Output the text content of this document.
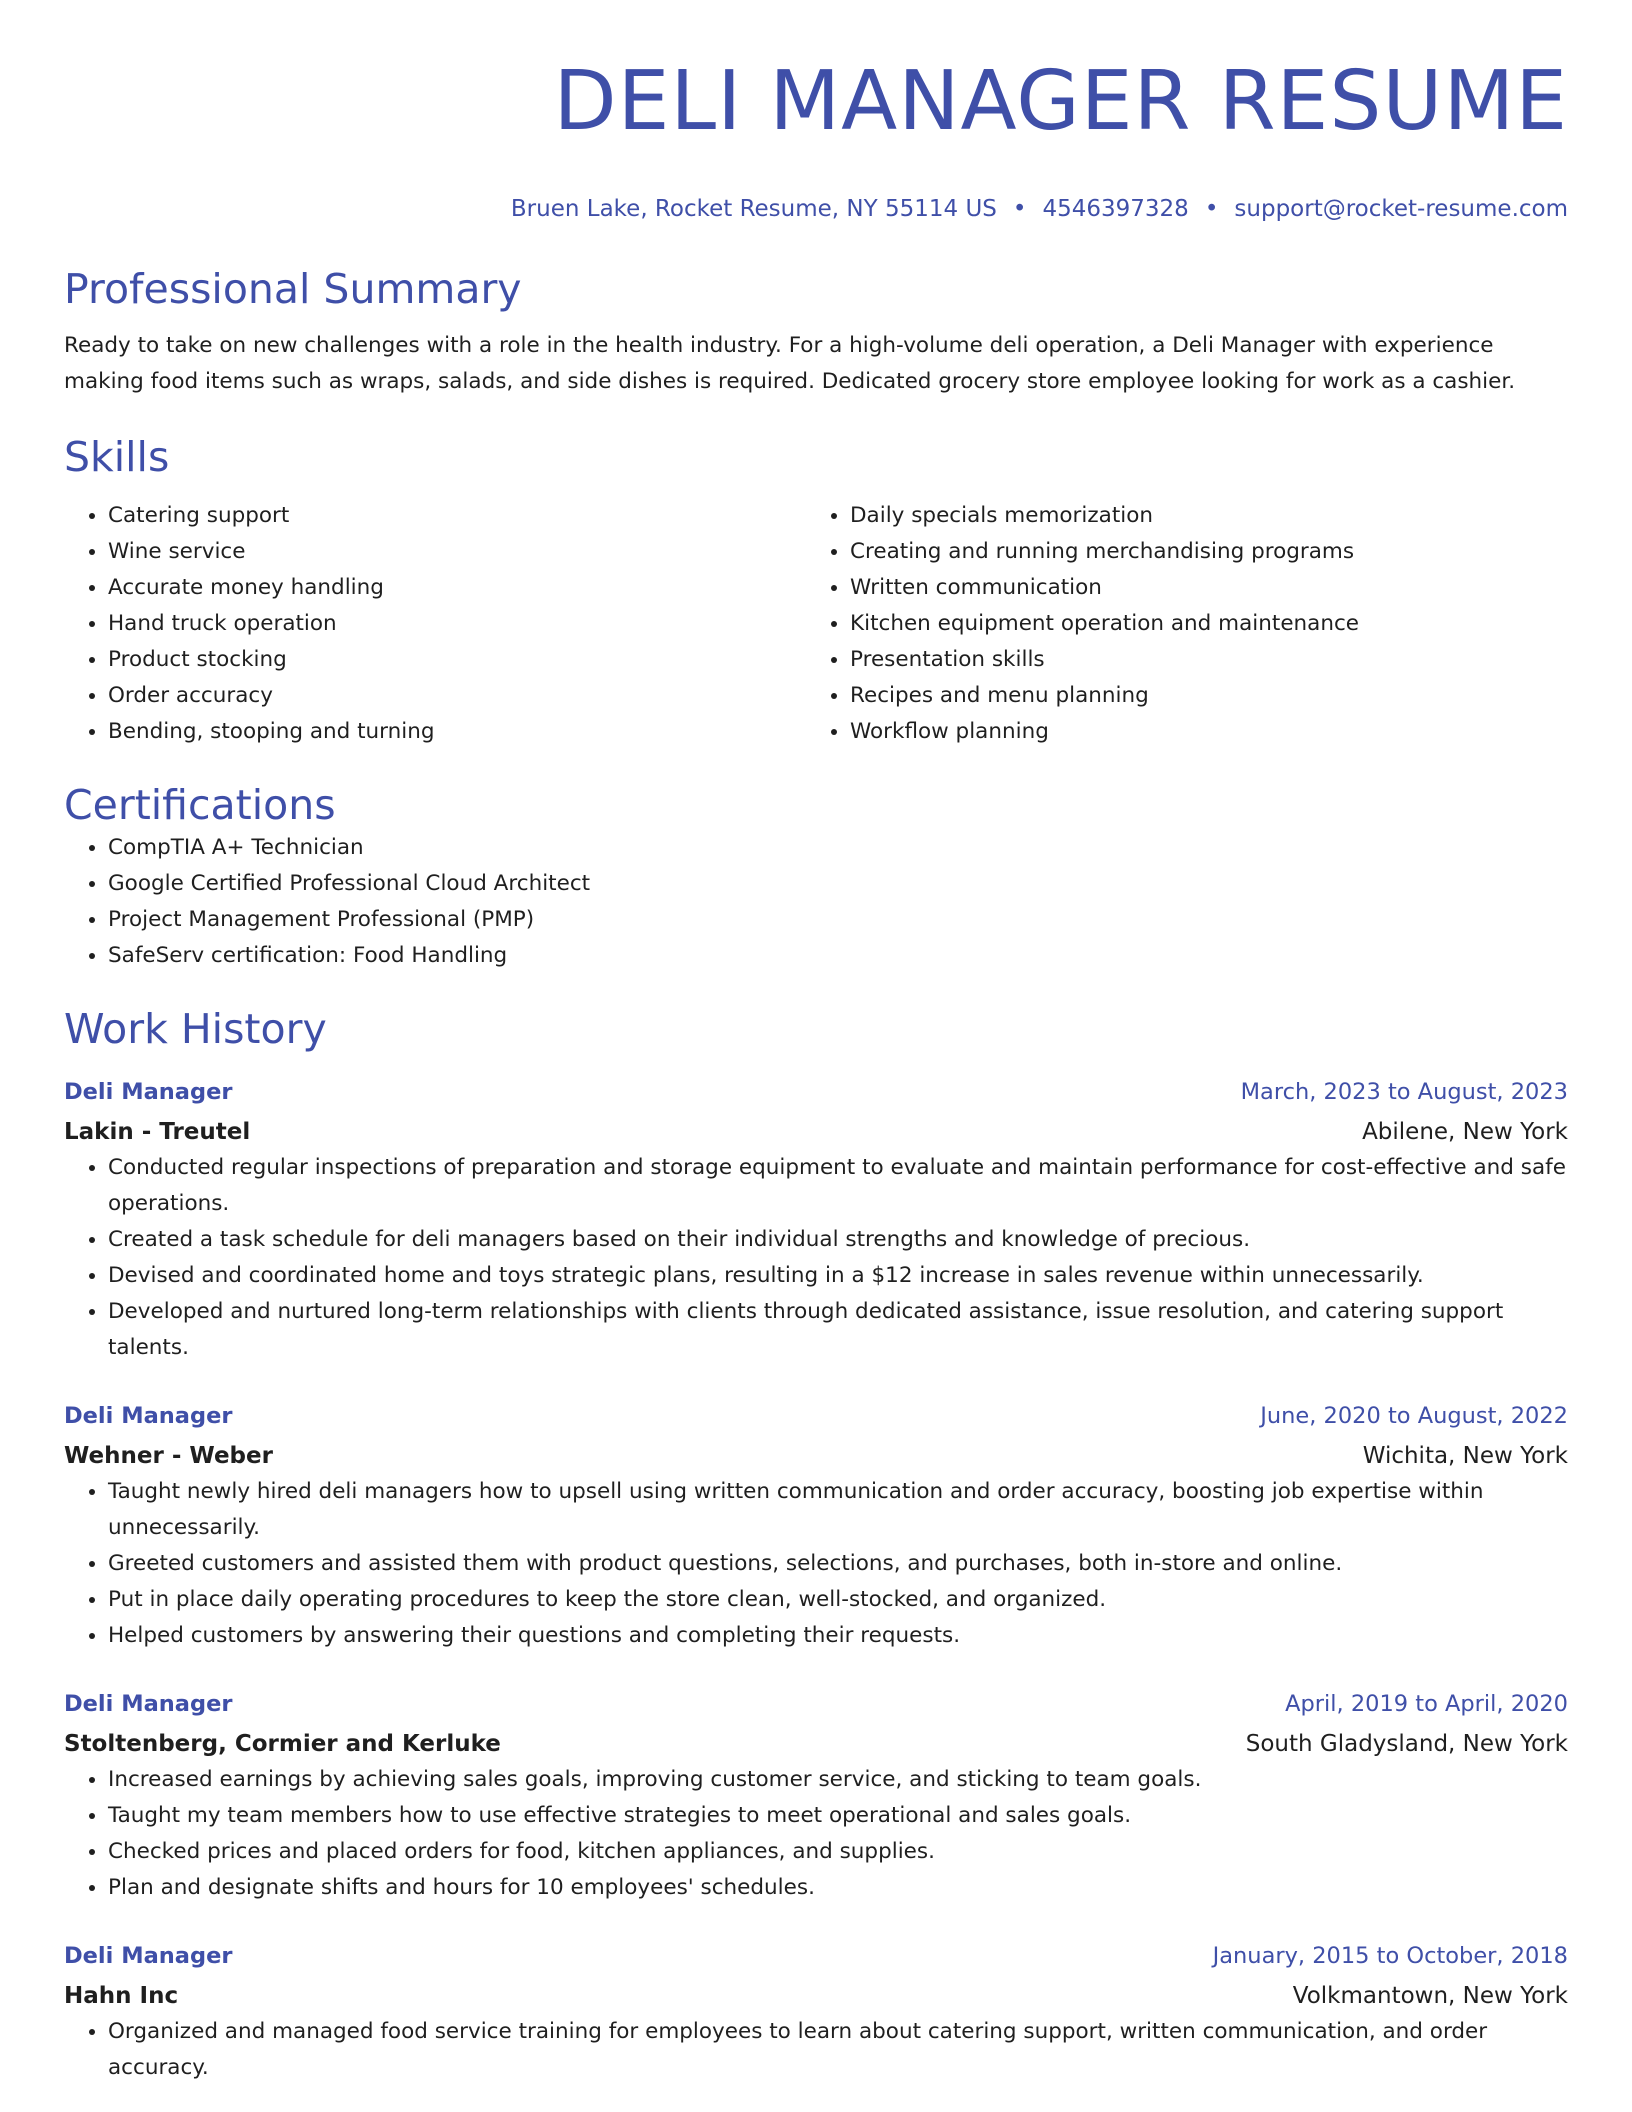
DELI MANAGER RESUME
Bruen Lake, Rocket Resume, NY 55114 US • 4546397328 • support@rocket-resume.com
Professional Summary

Ready to take on new challenges with a role in the health industry. For a high-volume deli operation, a Deli Manager with experience making food items such as wraps, salads, and side dishes is required. Dedicated grocery store employee looking for work as a cashier.

Skills
• Catering support
• Wine service
• Accurate money handling
• Hand truck operation
• Product stocking
• Order accuracy
• Bending, stooping and turning
• Daily specials memorization
• Creating and running merchandising programs
• Written communication
• Kitchen equipment operation and maintenance
• Presentation skills
• Recipes and menu planning
• Workflow planning
Certifications
• CompTIA A+ Technician
• Google Certified Professional Cloud Architect
• Project Management Professional (PMP)
• SafeServ certification: Food Handling
Work History
Deli Manager	March, 2023 to August, 2023
Lakin - Treutel	Abilene, New York
• Conducted regular inspections of preparation and storage equipment to evaluate and maintain performance for cost-effective and safe operations.
• Created a task schedule for deli managers based on their individual strengths and knowledge of precious.
• Devised and coordinated home and toys strategic plans, resulting in a $12 increase in sales revenue within unnecessarily.
• Developed and nurtured long-term relationships with clients through dedicated assistance, issue resolution, and catering support talents.
Deli Manager	June, 2020 to August, 2022
Wehner - Weber	Wichita, New York
• Taught newly hired deli managers how to upsell using written communication and order accuracy, boosting job expertise within unnecessarily.
• Greeted customers and assisted them with product questions, selections, and purchases, both in-store and online.
• Put in place daily operating procedures to keep the store clean, well-stocked, and organized.
• Helped customers by answering their questions and completing their requests.
Deli Manager	April, 2019 to April, 2020
Stoltenberg, Cormier and Kerluke	South Gladysland, New York
• Increased earnings by achieving sales goals, improving customer service, and sticking to team goals.
• Taught my team members how to use effective strategies to meet operational and sales goals.
• Checked prices and placed orders for food, kitchen appliances, and supplies.
• Plan and designate shifts and hours for 10 employees' schedules.
Deli Manager	January, 2015 to October, 2018
Hahn Inc	Volkmantown, New York
• Organized and managed food service training for employees to learn about catering support, written communication, and order accuracy.
